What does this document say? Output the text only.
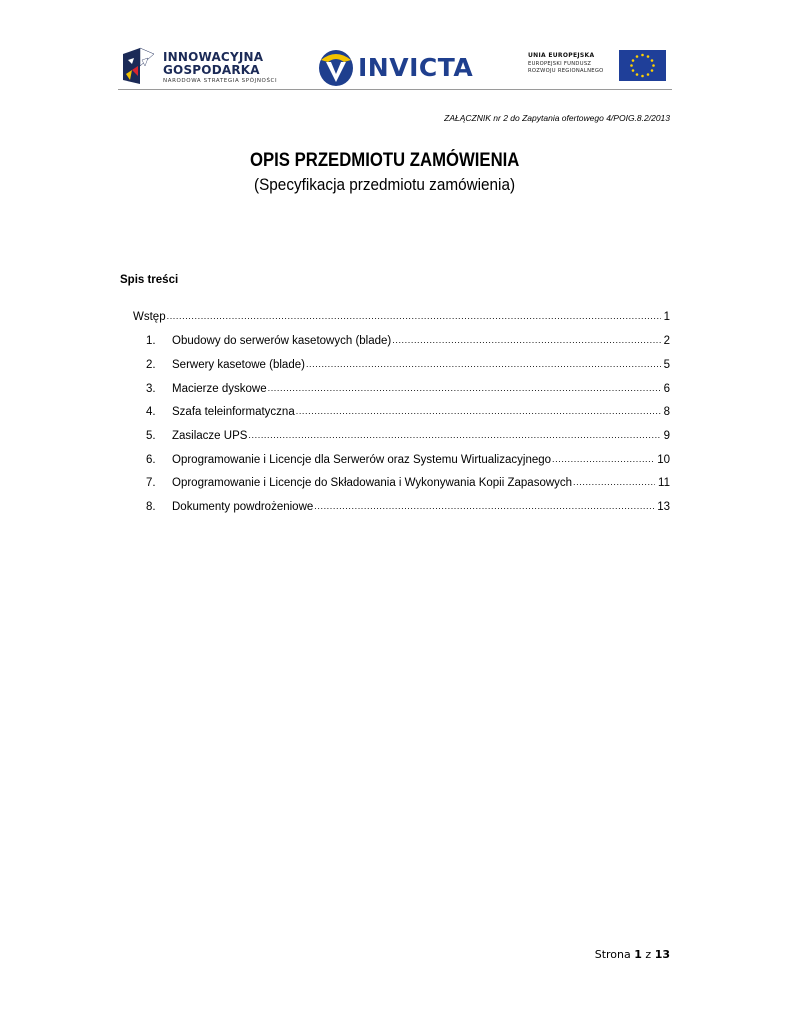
INNOWACYJNA
GOSPODARKA
NARODOWA STRATEGIA SPÓJNOŚCI	INVICTA	UNIA EUROPEJSKA
EUROPEJSKI FUNDUSZ
ROZWOJU REGIONALNEGO
ZAŁĄCZNIK nr 2 do Zapytania ofertowego 4/POIG.8.2/2013
OPIS PRZEDMIOTU ZAMÓWIENIA
(Specyfikacja przedmiotu zamówienia)
Spis treści
Wstęp .....	1
1.	Obudowy do serwerów kasetowych (blade) .....	2
2.	Serwery kasetowe (blade) .....	5
3.	Macierze dyskowe .....	6
4.	Szafa teleinformatyczna .....	8
5.	Zasilacze UPS .....	9
6.	Oprogramowanie i Licencje dla Serwerów oraz Systemu Wirtualizacyjnego .....	10
7.	Oprogramowanie i Licencje do Składowania i Wykonywania Kopii Zapasowych .....	11
8.	Dokumenty powdrożeniowe .....	13
Strona 1 z 13
